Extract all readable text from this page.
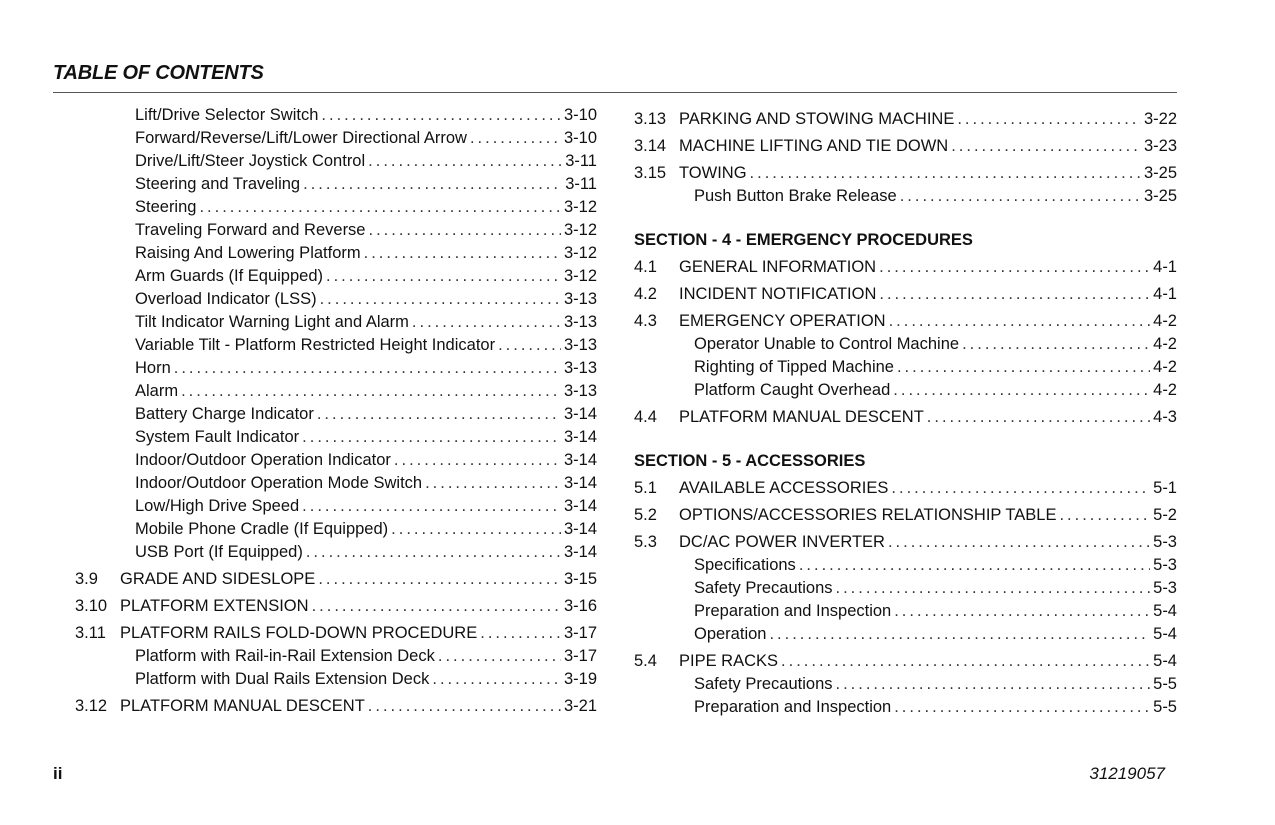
TABLE OF CONTENTS
Lift/Drive Selector Switch .....	3-10
Forward/Reverse/Lift/Lower Directional Arrow .....	3-10
Drive/Lift/Steer Joystick Control .....	3-11
Steering and Traveling .....	3-11
Steering .....	3-12
Traveling Forward and Reverse .....	3-12
Raising And Lowering Platform .....	3-12
Arm Guards (If Equipped) .....	3-12
Overload Indicator (LSS) .....	3-13
Tilt Indicator Warning Light and Alarm .....	3-13
Variable Tilt - Platform Restricted Height Indicator .....	3-13
Horn .....	3-13
Alarm .....	3-13
Battery Charge Indicator .....	3-14
System Fault Indicator .....	3-14
Indoor/Outdoor Operation Indicator .....	3-14
Indoor/Outdoor Operation Mode Switch .....	3-14
Low/High Drive Speed .....	3-14
Mobile Phone Cradle (If Equipped) .....	3-14
USB Port (If Equipped) .....	3-14
3.9	GRADE AND SIDESLOPE .....	3-15
3.10 PLATFORM EXTENSION .....	3-16
3.11 PLATFORM RAILS FOLD-DOWN PROCEDURE .....	3-17
Platform with Rail-in-Rail Extension Deck .....	3-17
Platform with Dual Rails Extension Deck .....	3-19
3.12 PLATFORM MANUAL DESCENT .....	3-21
3.13 PARKING AND STOWING MACHINE .....	3-22
3.14 MACHINE LIFTING AND TIE DOWN .....	3-23
3.15 TOWING .....	3-25
Push Button Brake Release .....	3-25
SECTION - 4 - EMERGENCY PROCEDURES
4.1	GENERAL INFORMATION .....	4-1
4.2	INCIDENT NOTIFICATION .....	4-1
4.3	EMERGENCY OPERATION .....	4-2
Operator Unable to Control Machine .....	4-2
Righting of Tipped Machine .....	4-2
Platform Caught Overhead .....	4-2
4.4	PLATFORM MANUAL DESCENT .....	4-3
SECTION - 5 - ACCESSORIES
5.1	AVAILABLE ACCESSORIES .....	5-1
5.2	OPTIONS/ACCESSORIES RELATIONSHIP TABLE .....	5-2
5.3	DC/AC POWER INVERTER .....	5-3
Specifications .....	5-3
Safety Precautions .....	5-3
Preparation and Inspection .....	5-4
Operation .....	5-4
5.4	PIPE RACKS .....	5-4
Safety Precautions .....	5-5
Preparation and Inspection .....	5-5
ii	31219057
